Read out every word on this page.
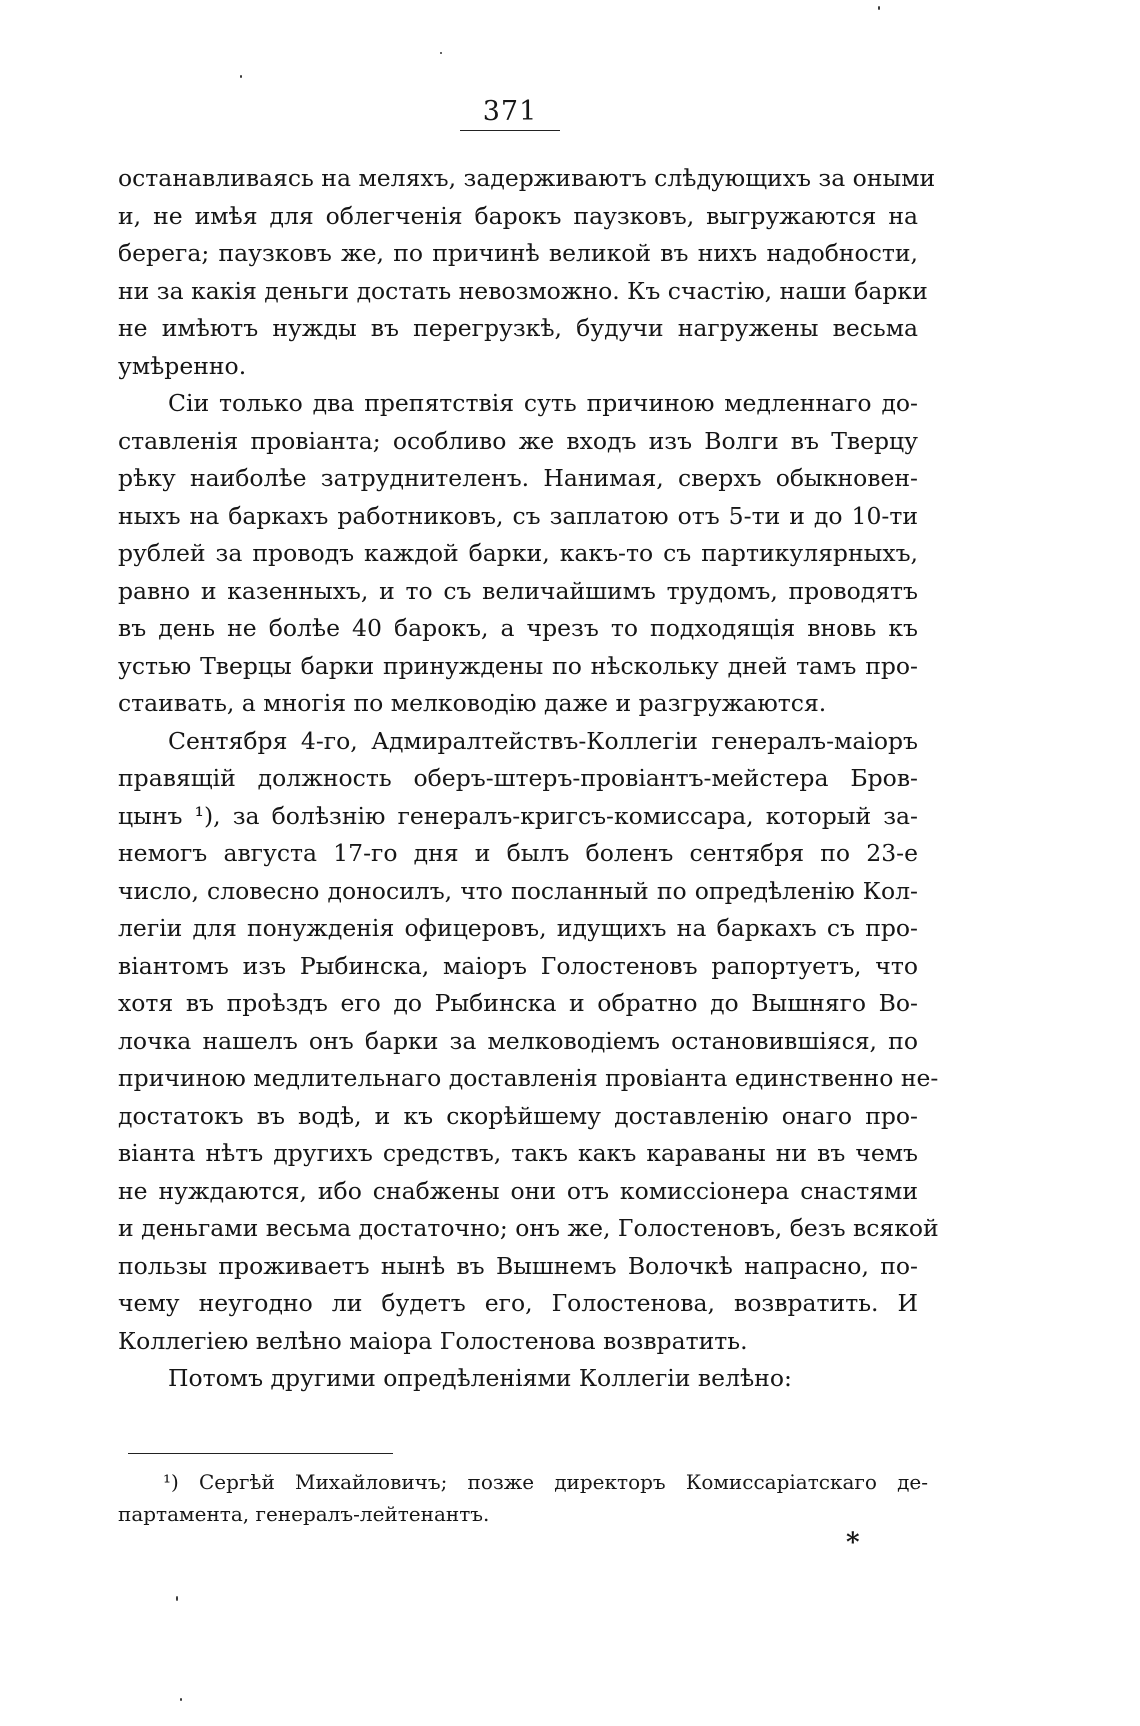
371
останавливаясь на меляхъ, задерживаютъ слѣдующихъ за оными
и, не имѣя для облегченія барокъ паузковъ, выгружаются на
берега; паузковъ же, по причинѣ великой въ нихъ надобности,
ни за какія деньги достать невозможно. Къ счастію, наши барки
не имѣютъ нужды въ перегрузкѣ, будучи нагружены весьма
умѣренно.
Сіи только два препятствія суть причиною медленнаго до-
ставленія провіанта; особливо же входъ изъ Волги въ Тверцу
рѣку наиболѣе затруднителенъ. Нанимая, сверхъ обыкновен-
ныхъ на баркахъ работниковъ, съ заплатою отъ 5-ти и до 10-ти
рублей за проводъ каждой барки, какъ-то съ партикулярныхъ,
равно и казенныхъ, и то съ величайшимъ трудомъ, проводятъ
въ день не болѣе 40 барокъ, а чрезъ то подходящія вновь къ
устью Тверцы барки принуждены по нѣскольку дней тамъ про-
стаивать, а многія по мелководію даже и разгружаются.
Сентября 4-го, Адмиралтействъ-Коллегіи генералъ-маіоръ
правящій должность оберъ-штеръ-провіантъ-мейстера Бров-
цынъ ¹), за болѣзнію генералъ-кригсъ-комиссара, который за-
немогъ августа 17-го дня и былъ боленъ сентября по 23-е
число, словесно доносилъ, что посланный по опредѣленію Кол-
легіи для понужденія офицеровъ, идущихъ на баркахъ съ про-
віантомъ изъ Рыбинска, маіоръ Голостеновъ рапортуетъ, что
хотя въ проѣздъ его до Рыбинска и обратно до Вышняго Во-
лочка нашелъ онъ барки за мелководіемъ остановившіяся, по
причиною медлительнаго доставленія провіанта единственно не-
достатокъ въ водѣ, и къ скорѣйшему доставленію онаго про-
віанта нѣтъ другихъ средствъ, такъ какъ караваны ни въ чемъ
не нуждаются, ибо снабжены они отъ комиссіонера снастями
и деньгами весьма достаточно; онъ же, Голостеновъ, безъ всякой
пользы проживаетъ нынѣ въ Вышнемъ Волочкѣ напрасно, по-
чему неугодно ли будетъ его, Голостенова, возвратить. И
Коллегіею велѣно маіора Голостенова возвратить.
Потомъ другими опредѣленіями Коллегіи велѣно:
¹) Сергѣй Михайловичъ; позже директоръ Комиссаріатскаго де-
партамента, генералъ-лейтенантъ.
*
